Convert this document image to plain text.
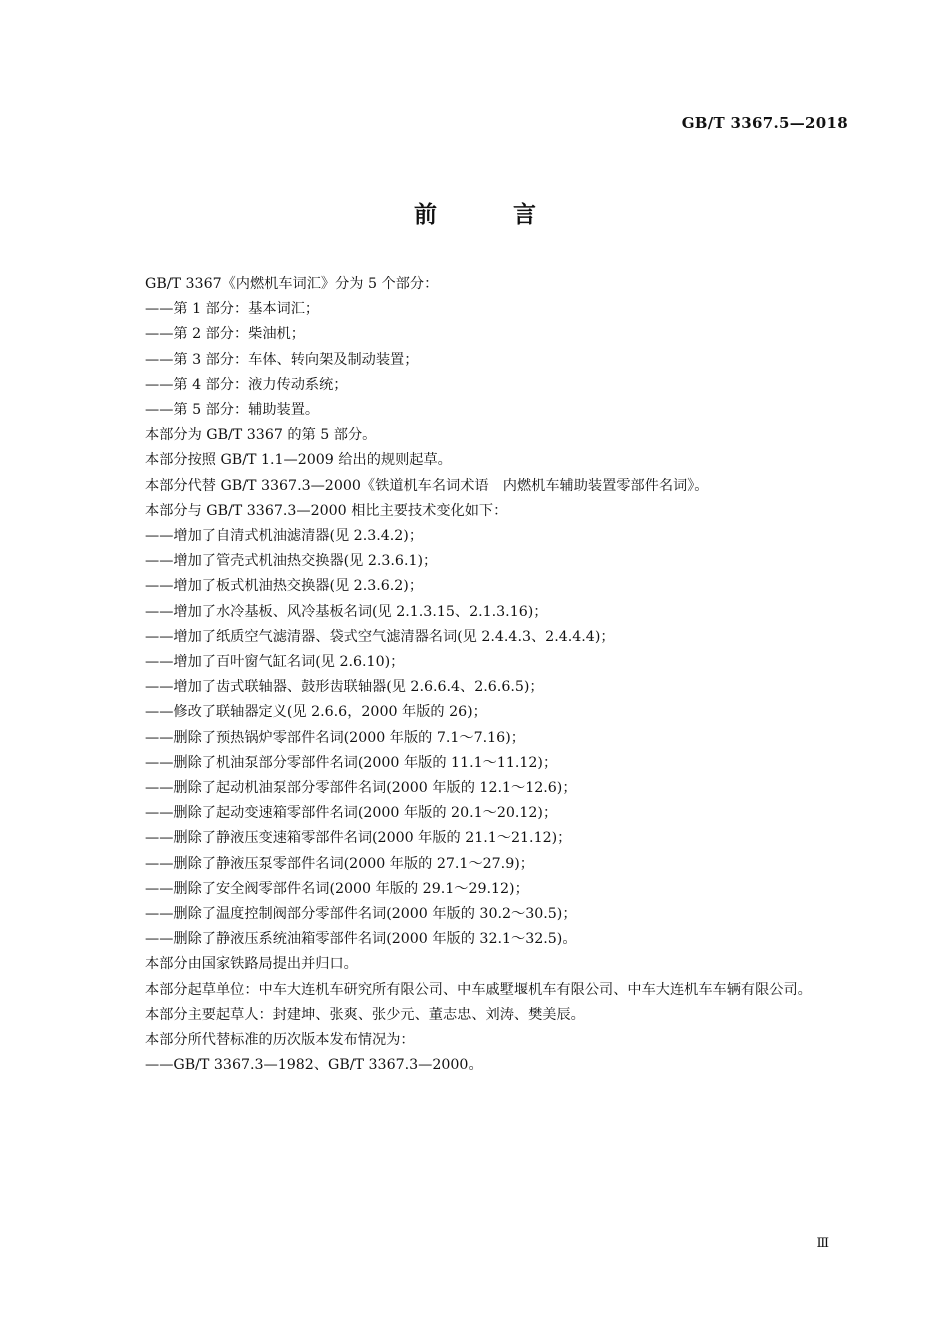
GB/T 3367.5—2018
前 言
GB/T 3367《内燃机车词汇》分为 5 个部分：
——第 1 部分：基本词汇；
——第 2 部分：柴油机；
——第 3 部分：车体、转向架及制动装置；
——第 4 部分：液力传动系统；
——第 5 部分：辅助装置。
本部分为 GB/T 3367 的第 5 部分。
本部分按照 GB/T 1.1—2009 给出的规则起草。
本部分代替 GB/T 3367.3—2000《铁道机车名词术语　内燃机车辅助装置零部件名词》。
本部分与 GB/T 3367.3—2000 相比主要技术变化如下：
——增加了自清式机油滤清器(见 2.3.4.2)；
——增加了管壳式机油热交换器(见 2.3.6.1)；
——增加了板式机油热交换器(见 2.3.6.2)；
——增加了水冷基板、风冷基板名词(见 2.1.3.15、2.1.3.16)；
——增加了纸质空气滤清器、袋式空气滤清器名词(见 2.4.4.3、2.4.4.4)；
——增加了百叶窗气缸名词(见 2.6.10)；
——增加了齿式联轴器、鼓形齿联轴器(见 2.6.6.4、2.6.6.5)；
——修改了联轴器定义(见 2.6.6，2000 年版的 26)；
——删除了预热锅炉零部件名词(2000 年版的 7.1～7.16)；
——删除了机油泵部分零部件名词(2000 年版的 11.1～11.12)；
——删除了起动机油泵部分零部件名词(2000 年版的 12.1～12.6)；
——删除了起动变速箱零部件名词(2000 年版的 20.1～20.12)；
——删除了静液压变速箱零部件名词(2000 年版的 21.1～21.12)；
——删除了静液压泵零部件名词(2000 年版的 27.1～27.9)；
——删除了安全阀零部件名词(2000 年版的 29.1～29.12)；
——删除了温度控制阀部分零部件名词(2000 年版的 30.2～30.5)；
——删除了静液压系统油箱零部件名词(2000 年版的 32.1～32.5)。
本部分由国家铁路局提出并归口。
本部分起草单位：中车大连机车研究所有限公司、中车戚墅堰机车有限公司、中车大连机车车辆有限公司。
本部分主要起草人：封建坤、张爽、张少元、董志忠、刘涛、樊美辰。
本部分所代替标准的历次版本发布情况为：
——GB/T 3367.3—1982、GB/T 3367.3—2000。
Ⅲ
